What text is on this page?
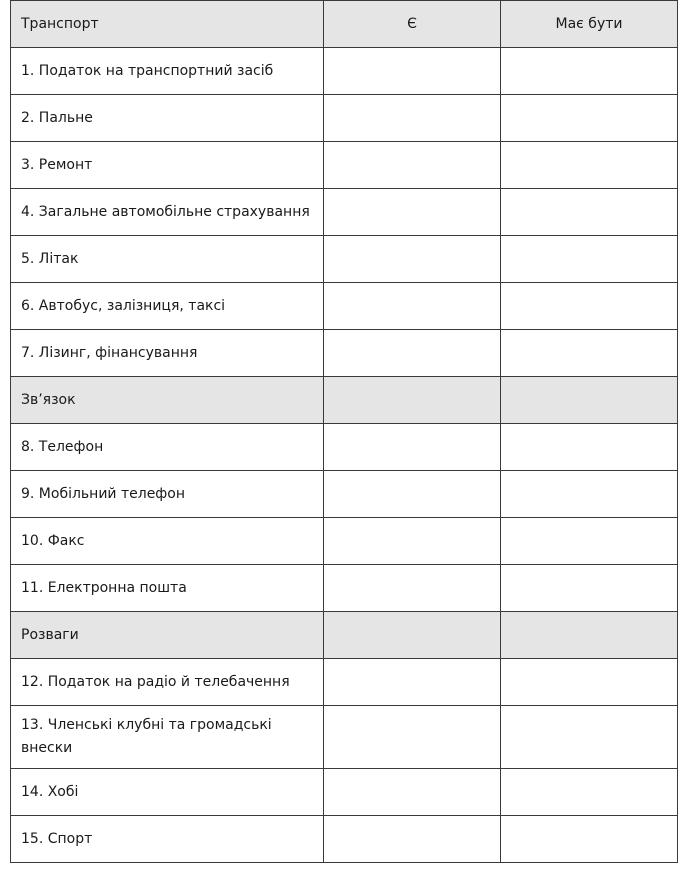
Транспорт	Є	Має бути
1. Податок на транспортний засіб		
2. Пальне		
3. Ремонт		
4. Загальне автомобільне страхування		
5. Літак		
6. Автобус, залізниця, таксі		
7. Лізинг, фінансування		
Зв’язок		
8. Телефон		
9. Мобільний телефон		
10. Факс		
11. Електронна пошта		
Розваги		
12. Податок на радіо й телебачення		
13. Членські клубні та громадські внески		
14. Хобі		
15. Спорт		
